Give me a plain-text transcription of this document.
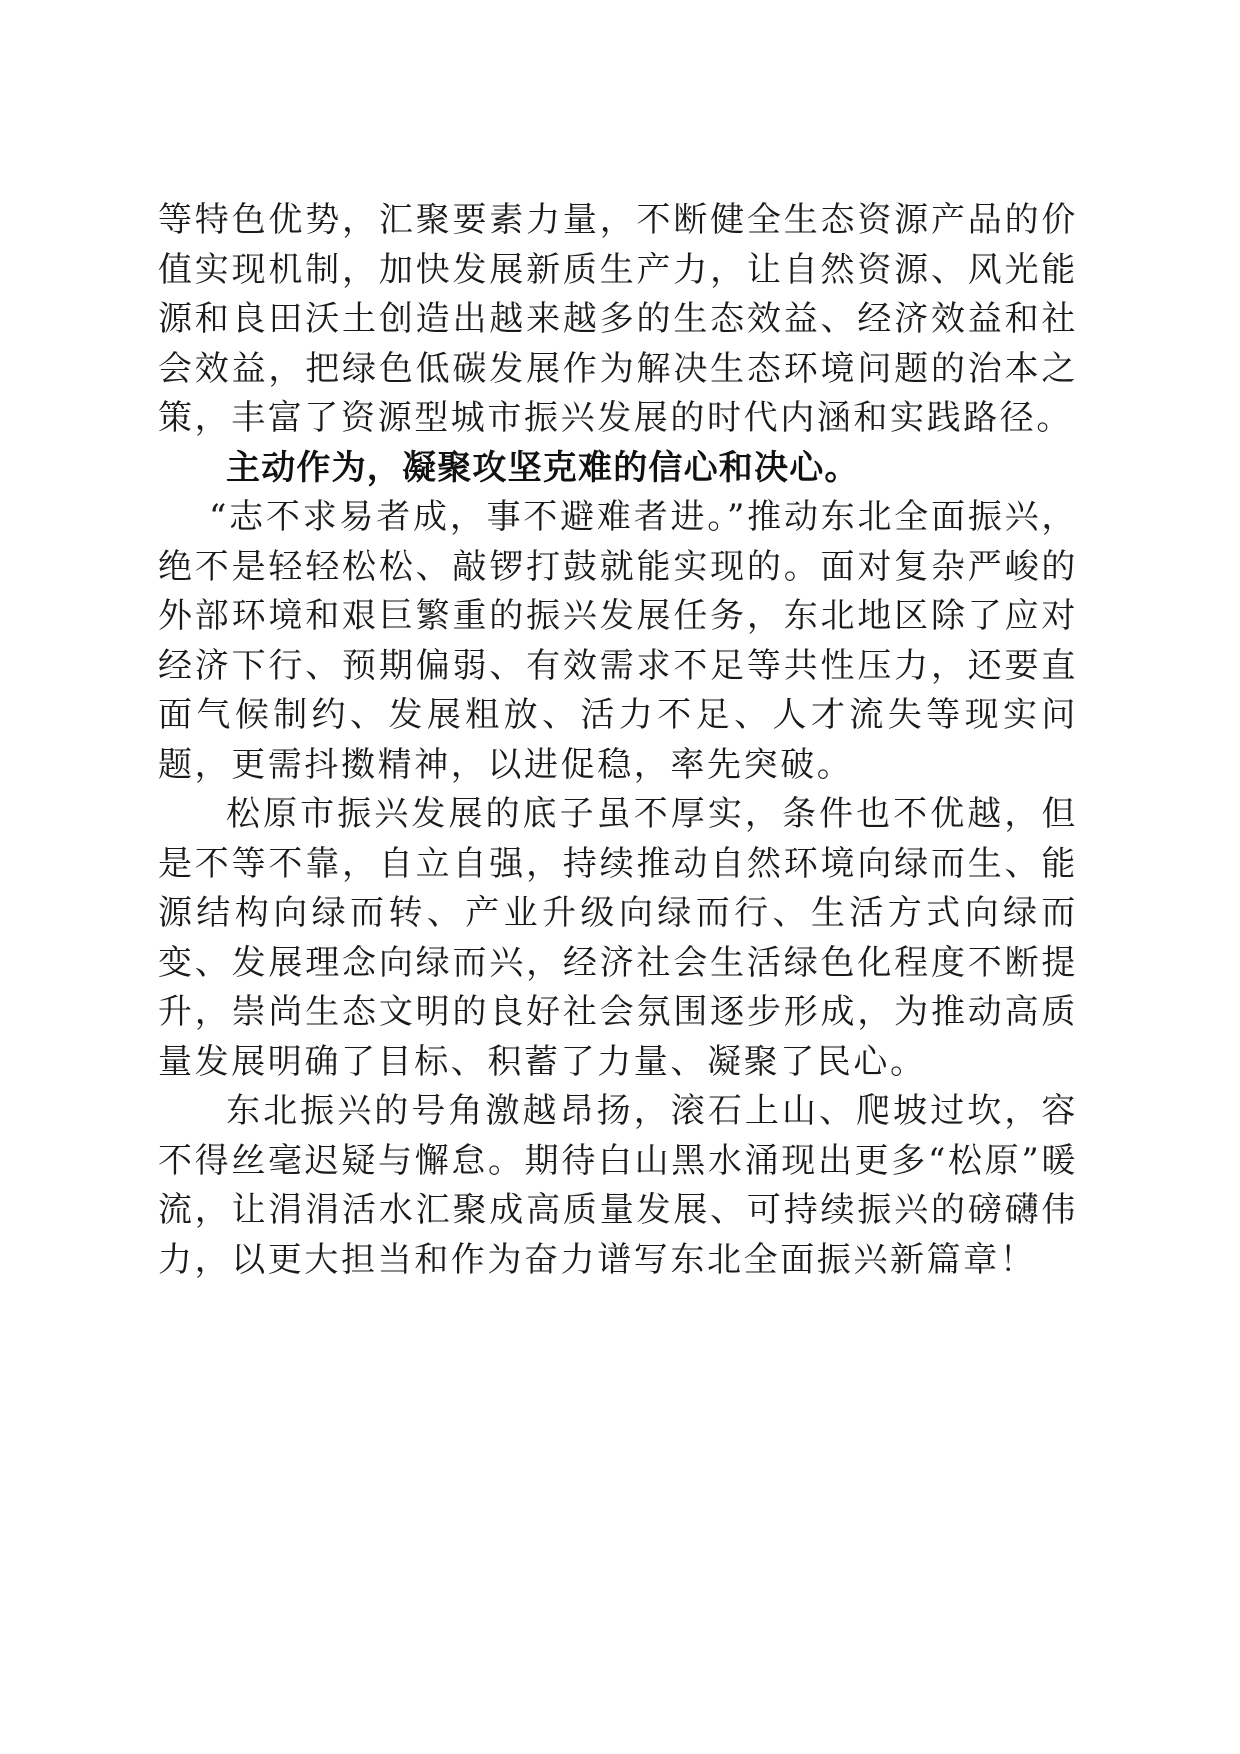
等特色优势，汇聚要素力量，不断健全生态资源产品的价值实现机制，加快发展新质生产力，让自然资源、风光能源和良田沃土创造出越来越多的生态效益、经济效益和社会效益，把绿色低碳发展作为解决生态环境问题的治本之策，丰富了资源型城市振兴发展的时代内涵和实践路径。

主动作为，凝聚攻坚克难的信心和决心。

“志不求易者成，事不避难者进。”推动东北全面振兴，绝不是轻轻松松、敲锣打鼓就能实现的。面对复杂严峻的外部环境和艰巨繁重的振兴发展任务，东北地区除了应对经济下行、预期偏弱、有效需求不足等共性压力，还要直面气候制约、发展粗放、活力不足、人才流失等现实问题，更需抖擞精神，以进促稳，率先突破。

松原市振兴发展的底子虽不厚实，条件也不优越，但是不等不靠，自立自强，持续推动自然环境向绿而生、能源结构向绿而转、产业升级向绿而行、生活方式向绿而变、发展理念向绿而兴，经济社会生活绿色化程度不断提升，崇尚生态文明的良好社会氛围逐步形成，为推动高质量发展明确了目标、积蓄了力量、凝聚了民心。

东北振兴的号角激越昂扬，滚石上山、爬坡过坎，容不得丝毫迟疑与懈怠。期待白山黑水涌现出更多“松原”暖流，让涓涓活水汇聚成高质量发展、可持续振兴的磅礴伟力，以更大担当和作为奋力谱写东北全面振兴新篇章！
